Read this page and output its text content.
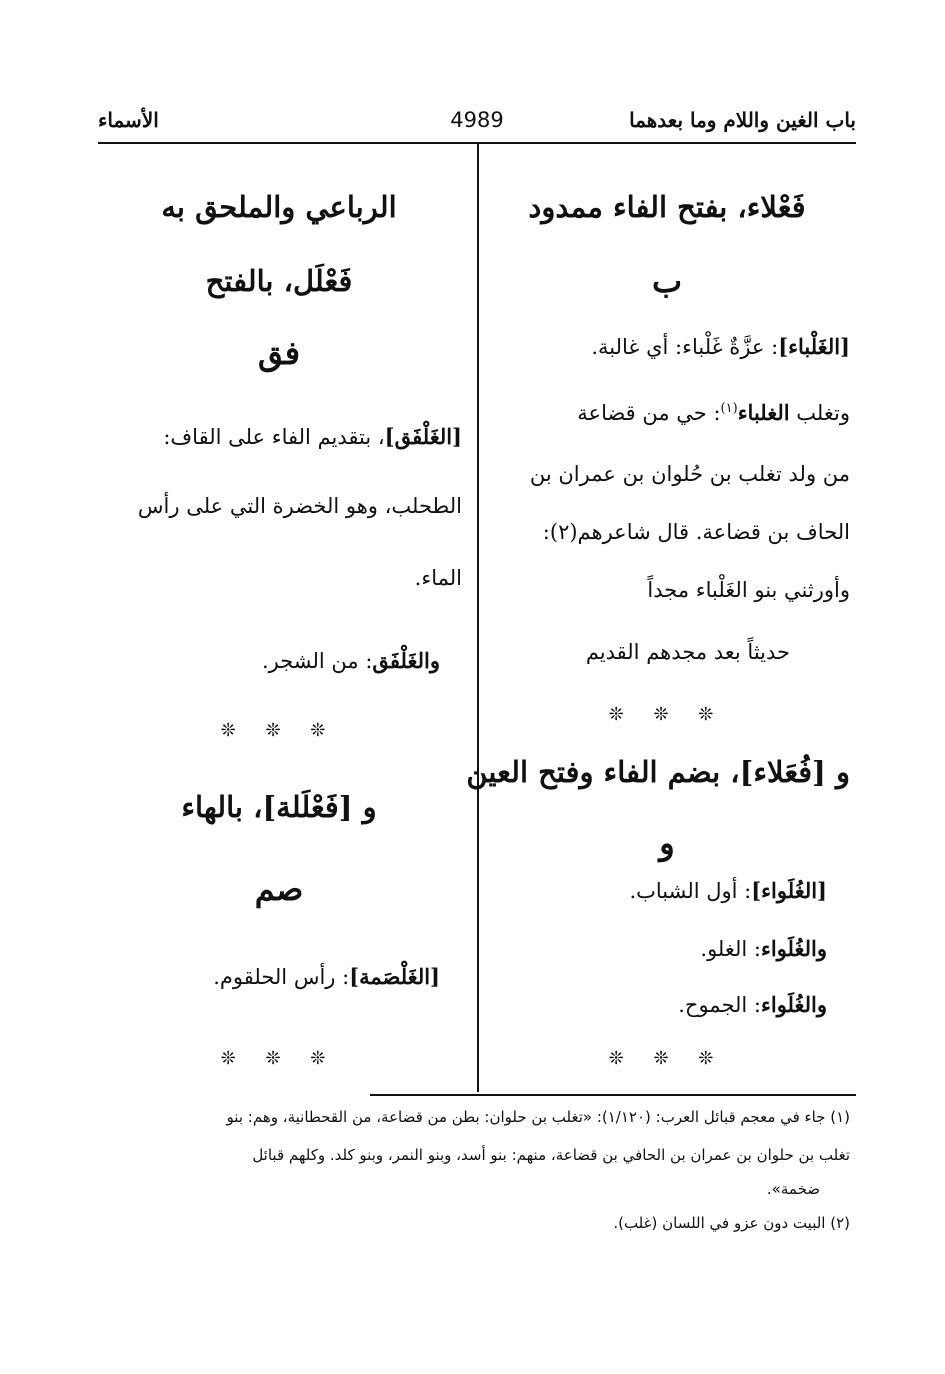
باب الغين واللام وما بعدهما
4989
الأسماء
فَعْلاء، بفتح الفاء ممدود
ب
[الغَلْباء]: عزَّةٌ غَلْباء: أي غالبة.
وتغلب الغلباء$^{(١)}$: حي من قضاعة
من ولد تغلب بن حُلوان بن عمران بن
الحاف بن قضاعة. قال شاعرهم(٢):
وأورثني بنو الغَلْباء مجداً
حديثاً بعد مجدهم القديم
❊ ❊ ❊
و [فُعَلاء]، بضم الفاء وفتح العين
و
[الغُلَواء]: أول الشباب.
والغُلَواء: الغلو.
والغُلَواء: الجموح.
❊ ❊ ❊
الرباعي والملحق به
فَعْلَل، بالفتح
فق
[الغَلْفَق]، بتقديم الفاء على القاف:
الطحلب، وهو الخضرة التي على رأس
الماء.
والغَلْفَق: من الشجر.
❊ ❊ ❊
و [فَعْلَلة]، بالهاء
صم
[الغَلْصَمة]: رأس الحلقوم.
❊ ❊ ❊
(١) جاء في معجم قبائل العرب: (١/١٢٠): «تغلب بن حلوان: بطن من قضاعة، من القحطانية، وهم: بنو
تغلب بن حلوان بن عمران بن الحافي بن قضاعة، منهم: بنو أسد، وبنو النمر، وبنو كلد. وكلهم قبائل
ضخمة».
(٢) البيت دون عزو في اللسان (غلب).
